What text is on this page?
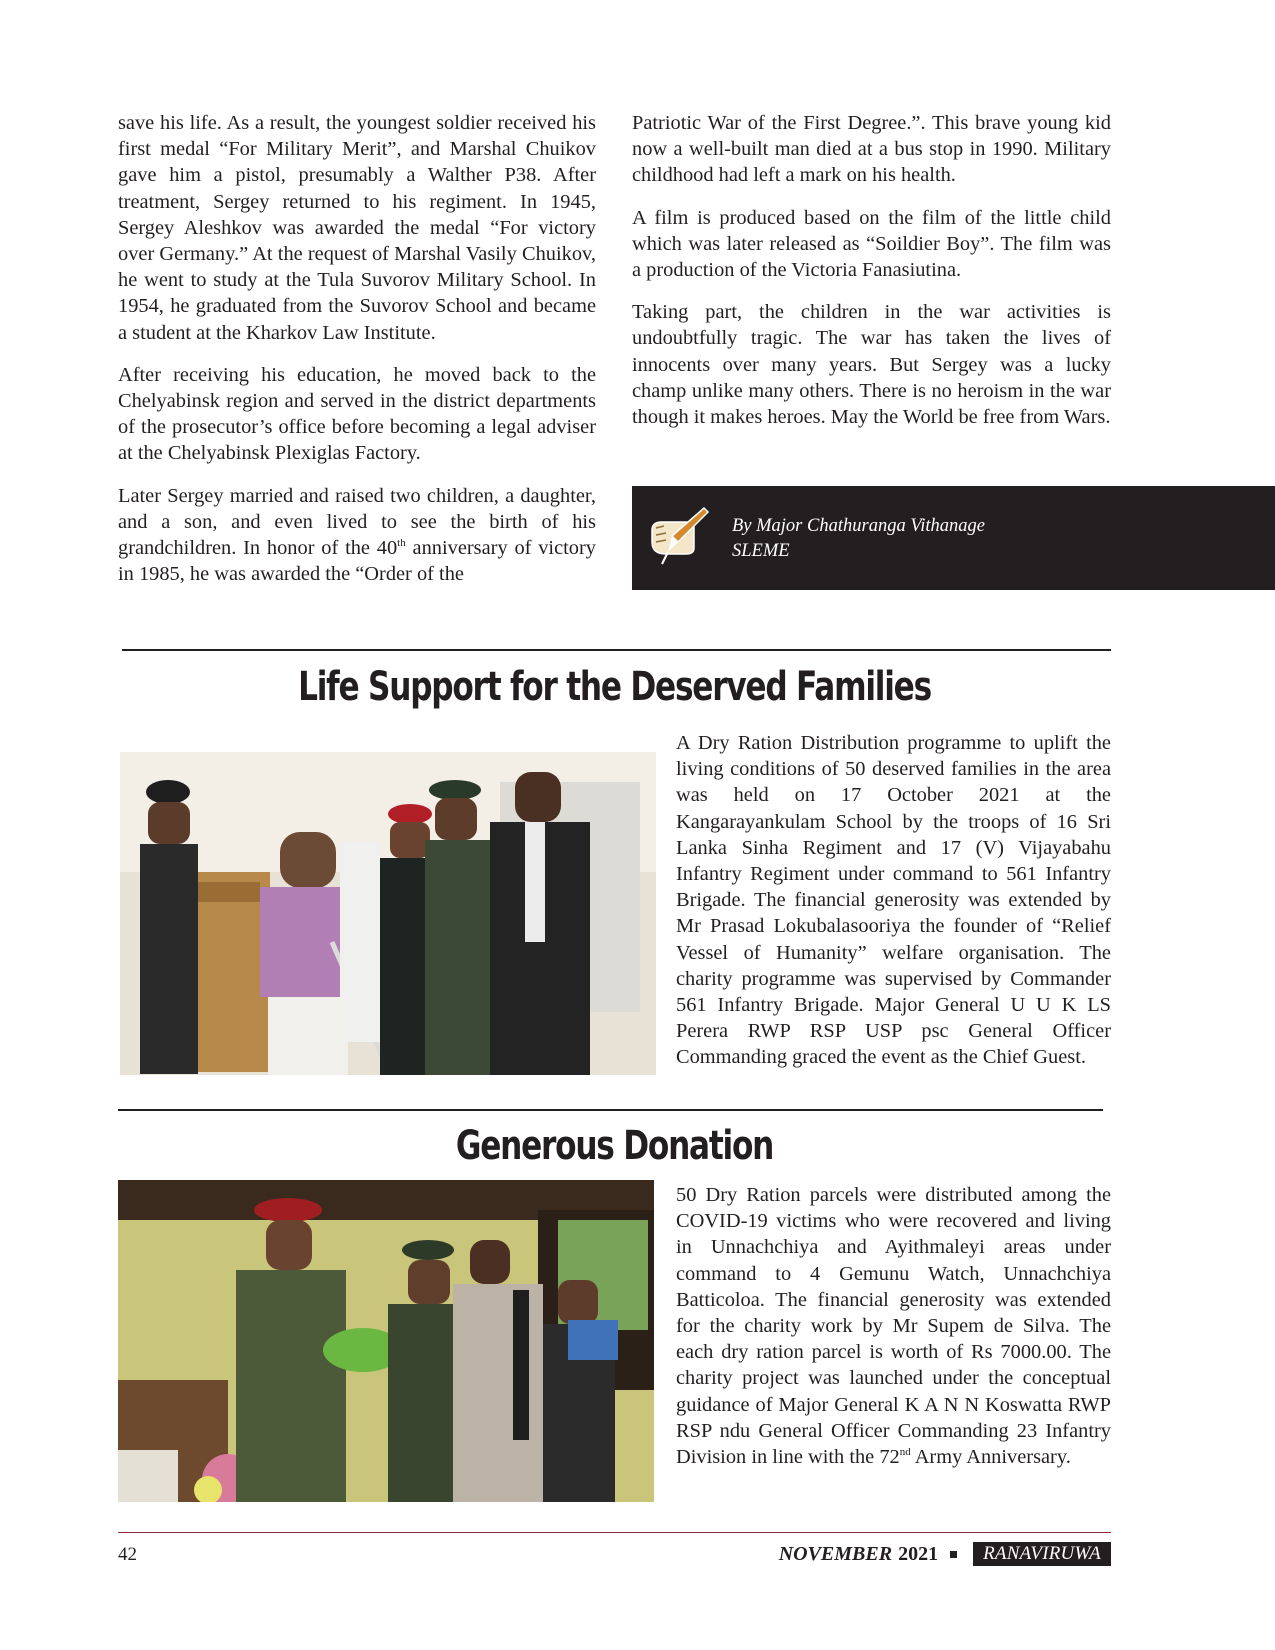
save his life. As a result, the youngest soldier received his first medal “For Military Merit”, and Marshal Chuikov gave him a pistol, presumably a Walther P38. After treatment, Sergey returned to his regiment. In 1945, Sergey Aleshkov was awarded the medal “For victory over Germany.” At the request of Marshal Vasily Chuikov, he went to study at the Tula Suvorov Military School. In 1954, he graduated from the Suvorov School and became a student at the Kharkov Law Institute.

After receiving his education, he moved back to the Chelyabinsk region and served in the district departments of the prosecutor’s office before becoming a legal adviser at the Chelyabinsk Plexiglas Factory.

Later Sergey married and raised two children, a daughter, and a son, and even lived to see the birth of his grandchildren. In honor of the 40th anniversary of victory in 1985, he was awarded the “Order of the

Patriotic War of the First Degree.”. This brave young kid now a well-built man died at a bus stop in 1990. Military childhood had left a mark on his health.

A film is produced based on the film of the little child which was later released as “Soildier Boy”. The film was a production of the Victoria Fanasiutina.

Taking part, the children in the war activities is undoubtfully tragic. The war has taken the lives of innocents over many years. But Sergey was a lucky champ unlike many others. There is no heroism in the war though it makes heroes. May the World be free from Wars.

By Major Chathuranga Vithanage
SLEME
Life Support for the Deserved Families

A Dry Ration Distribution programme to uplift the living conditions of 50 deserved families in the area was held on 17 October 2021 at the Kangarayankulam School by the troops of 16 Sri Lanka Sinha Regiment and 17 (V) Vijayabahu Infantry Regiment under command to 561 Infantry Brigade. The financial generosity was extended by Mr Prasad Lokubalasooriya the founder of “Relief Vessel of Humanity” welfare organisation. The charity programme was supervised by Commander 561 Infantry Brigade. Major General U U K LS Perera RWP RSP USP psc General Officer Commanding graced the event as the Chief Guest.

Generous Donation

50 Dry Ration parcels were distributed among the COVID-19 victims who were recovered and living in Unnachchiya and Ayithmaleyi areas under command to 4 Gemunu Watch, Unnachchiya Batticoloa. The financial generosity was extended for the charity work by Mr Supem de Silva. The each dry ration parcel is worth of Rs 7000.00. The charity project was launched under the conceptual guidance of Major General K A N N Koswatta RWP RSP ndu General Officer Commanding 23 Infantry Division in line with the 72nd Army Anniversary.

42	NOVEMBER 2021	RANAVIRUWA
